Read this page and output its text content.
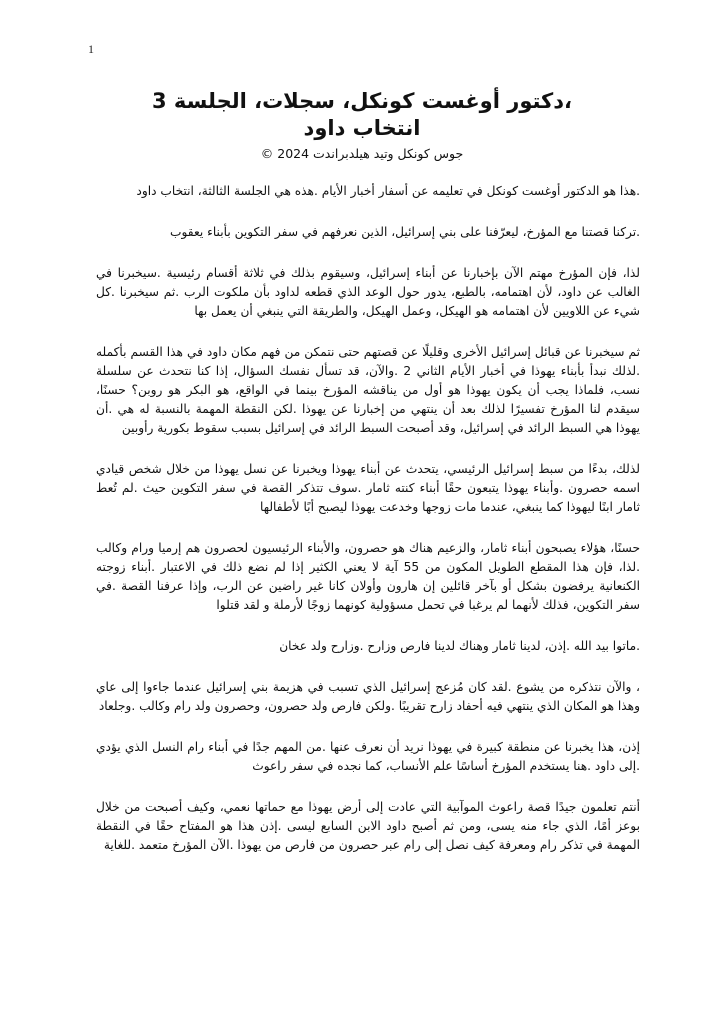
1
،دكتور أوغست كونكل، سجلات، الجلسة 3
انتخاب داود

جوس كونكل وتيد هيلدبراندت 2024 ©

.هذا هو الدكتور أوغست كونكل في تعليمه عن أسفار أخبار الأيام .هذه هي الجلسة الثالثة، انتخاب داود

.تركنا قصتنا مع المؤرخ، ليعرّفنا على بني إسرائيل، الذين نعرفهم في سفر التكوين بأبناء يعقوب

لذا، فإن المؤرخ مهتم الآن بإخبارنا عن أبناء إسرائيل، وسيقوم بذلك في ثلاثة أقسام رئيسية .سيخبرنا في الغالب عن داود، لأن اهتمامه، بالطبع، يدور حول الوعد الذي قطعه لداود بأن ملكوت الرب .ثم سيخبرنا .كل شيء عن اللاويين لأن اهتمامه هو الهيكل، وعمل الهيكل، والطريقة التي ينبغي أن يعمل بها

ثم سيخبرنا عن قبائل إسرائيل الأخرى وقليلًا عن قصتهم حتى نتمكن من فهم مكان داود في هذا القسم بأكمله .لذلك نبدأ بأبناء يهوذا في أخبار الأيام الثاني 2 .والآن، قد تسأل نفسك السؤال، إذا كنا نتحدث عن سلسلة نسب، فلماذا يجب أن يكون يهوذا هو أول من يناقشه المؤرخ بينما في الواقع، هو البكر هو روبن؟ حسنًا، سيقدم لنا المؤرخ تفسيرًا لذلك بعد أن ينتهي من إخبارنا عن يهوذا .لكن النقطة المهمة بالنسبة له هي .أن يهوذا هي السبط الرائد في إسرائيل، وقد أصبحت السبط الرائد في إسرائيل بسبب سقوط بكورية رأوبين

لذلك، بدءًا من سبط إسرائيل الرئيسي، يتحدث عن أبناء يهوذا ويخبرنا عن نسل يهوذا من خلال شخص قيادي اسمه حصرون .وأبناء يهوذا يتبعون حقًا أبناء كنته ثامار .سوف تتذكر القصة في سفر التكوين حيث .لم تُعط ثامار ابنًا ليهوذا كما ينبغي، عندما مات زوجها وخدعت يهوذا ليصبح أبًا لأطفالها

حسنًا، هؤلاء يصبحون أبناء ثامار، والزعيم هناك هو حصرون، والأبناء الرئيسيون لحصرون هم إرميا ورام وكالب .لذا، فإن هذا المقطع الطويل المكون من 55 آية لا يعني الكثير إذا لم نضع ذلك في الاعتبار .أبناء زوجته الكنعانية يرفضون بشكل أو بآخر قائلين إن هارون وأولان كانا غير راضين عن الرب، وإذا عرفنا القصة .في سفر التكوين، فذلك لأنهما لم يرغبا في تحمل مسؤولية كونهما زوجًا لأرملة و لقد قتلوا

.ماتوا بيد الله .إذن، لدينا ثامار وهناك لدينا فارص وزارح .وزارح ولد عخان

، والآن نتذكره من يشوع .لقد كان مُزعج إسرائيل الذي تسبب في هزيمة بني إسرائيل عندما جاءوا إلى عاي وهذا هو المكان الذي ينتهي فيه أحفاد زارح تقريبًا .ولكن فارص ولد حصرون، وحصرون ولد رام وكالب .وجلعاد

إذن، هذا يخبرنا عن منطقة كبيرة في يهوذا نريد أن نعرف عنها .من المهم جدًا في أبناء رام النسل الذي يؤدي .إلى داود .هنا يستخدم المؤرخ أساسًا علم الأنساب، كما نجده في سفر راعوث

أنتم تعلمون جيدًا قصة راعوث الموآبية التي عادت إلى أرض يهوذا مع حماتها نعمي، وكيف أصبحت من خلال بوعز أمًا، الذي جاء منه يسى، ومن ثم أصبح داود الابن السابع ليسى .إذن هذا هو المفتاح حقًا في النقطة المهمة في تذكر رام ومعرفة كيف نصل إلى رام عبر حصرون من فارص من يهوذا .الآن المؤرخ متعمد .للغاية
